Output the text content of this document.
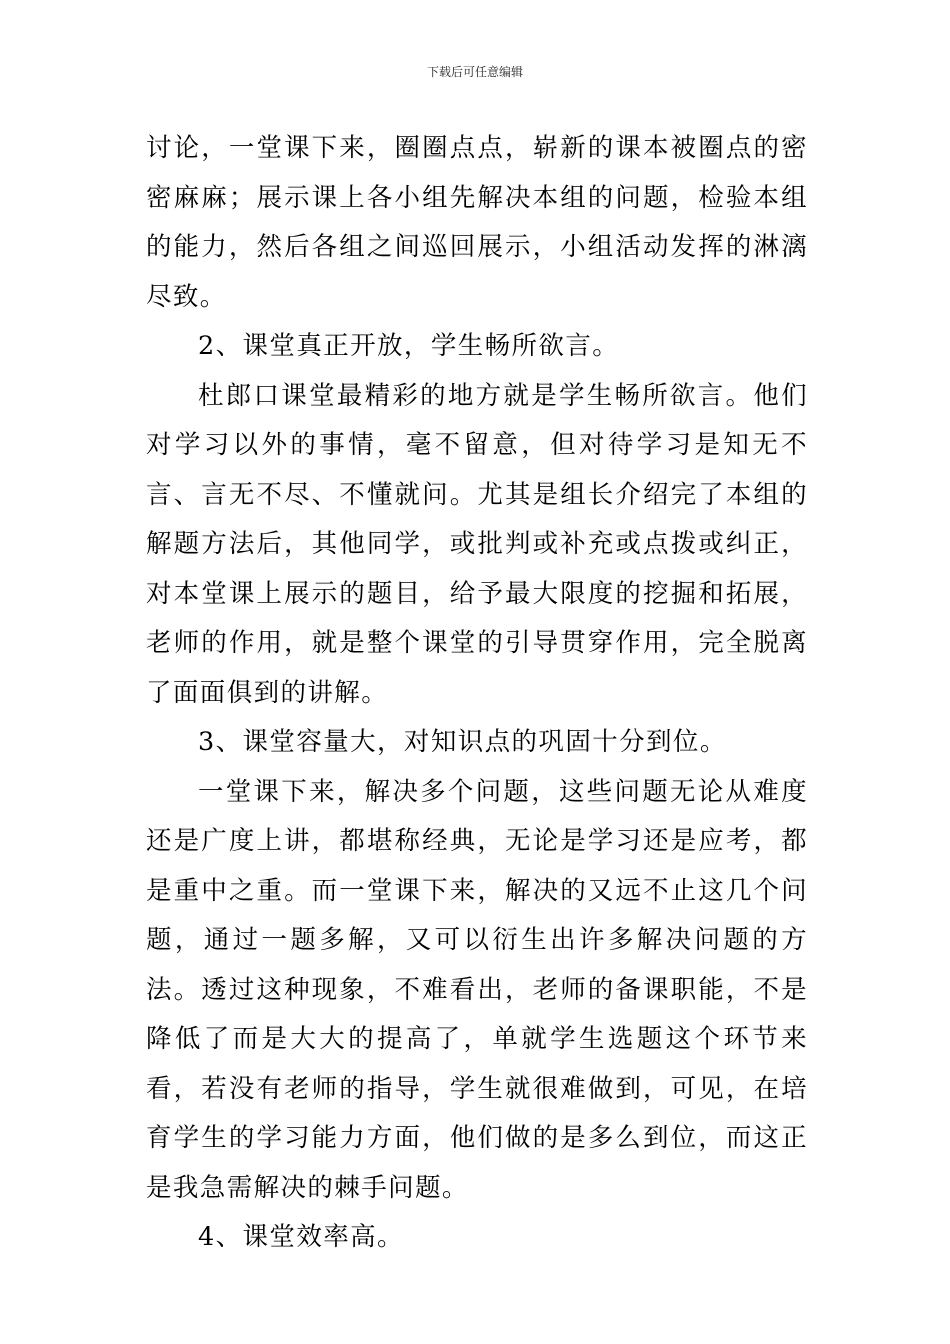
下载后可任意编辑

讨论，一堂课下来，圈圈点点，崭新的课本被圈点的密密麻麻；展示课上各小组先解决本组的问题，检验本组的能力，然后各组之间巡回展示，小组活动发挥的淋漓尽致。

2、课堂真正开放，学生畅所欲言。

杜郎口课堂最精彩的地方就是学生畅所欲言。他们对学习以外的事情，毫不留意，但对待学习是知无不言、言无不尽、不懂就问。尤其是组长介绍完了本组的解题方法后，其他同学，或批判或补充或点拨或纠正，对本堂课上展示的题目，给予最大限度的挖掘和拓展，老师的作用，就是整个课堂的引导贯穿作用，完全脱离了面面俱到的讲解。

3、课堂容量大，对知识点的巩固十分到位。

一堂课下来，解决多个问题，这些问题无论从难度还是广度上讲，都堪称经典，无论是学习还是应考，都是重中之重。而一堂课下来，解决的又远不止这几个问题，通过一题多解，又可以衍生出许多解决问题的方法。透过这种现象，不难看出，老师的备课职能，不是降低了而是大大的提高了，单就学生选题这个环节来看，若没有老师的指导，学生就很难做到，可见，在培育学生的学习能力方面，他们做的是多么到位，而这正是我急需解决的棘手问题。

4、课堂效率高。
